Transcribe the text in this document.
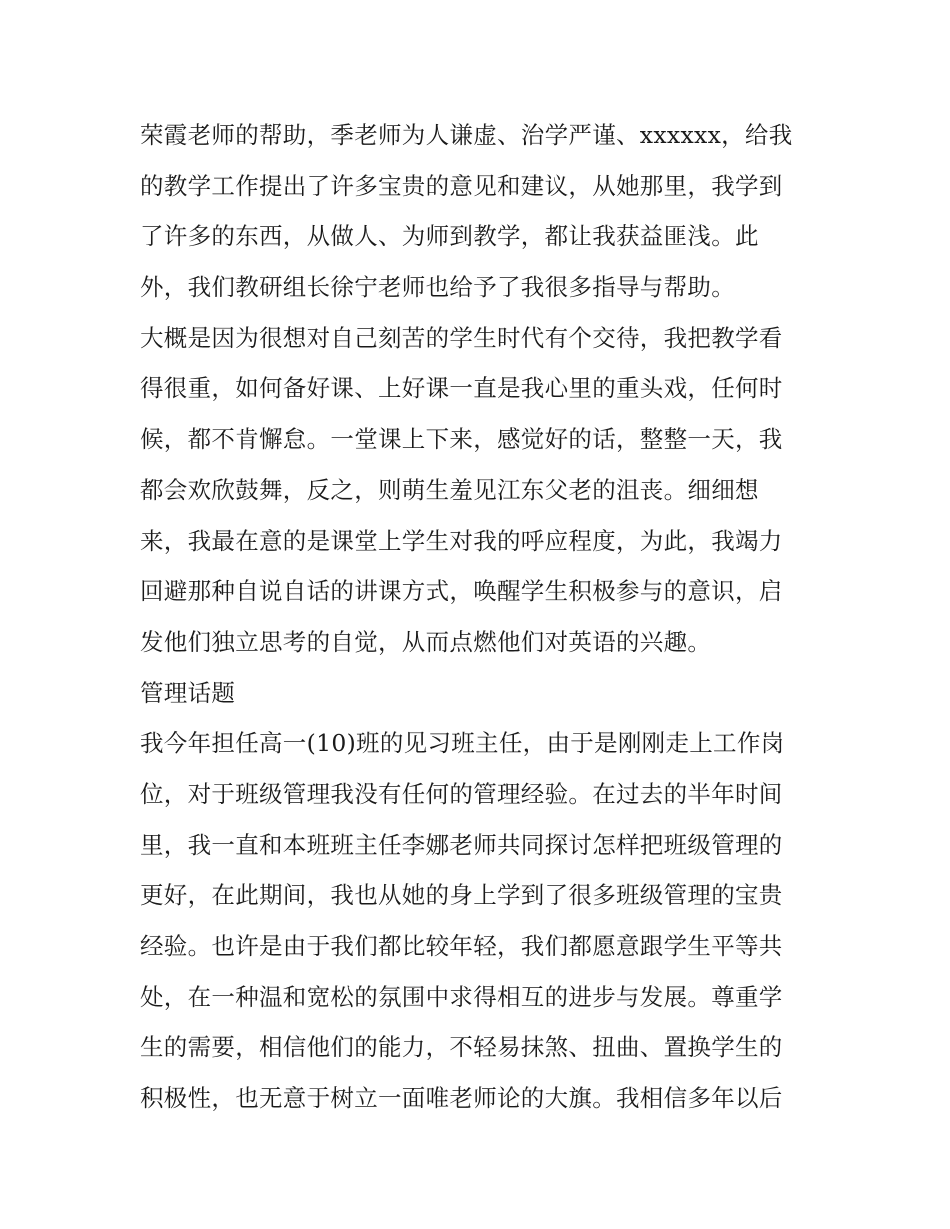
荣霞老师的帮助，季老师为人谦虚、治学严谨、xxxxxx，给我
的教学工作提出了许多宝贵的意见和建议，从她那里，我学到
了许多的东西，从做人、为师到教学，都让我获益匪浅。此
外，我们教研组长徐宁老师也给予了我很多指导与帮助。
大概是因为很想对自己刻苦的学生时代有个交待，我把教学看
得很重，如何备好课、上好课一直是我心里的重头戏，任何时
候，都不肯懈怠。一堂课上下来，感觉好的话，整整一天，我
都会欢欣鼓舞，反之，则萌生羞见江东父老的沮丧。细细想
来，我最在意的是课堂上学生对我的呼应程度，为此，我竭力
回避那种自说自话的讲课方式，唤醒学生积极参与的意识，启
发他们独立思考的自觉，从而点燃他们对英语的兴趣。
管理话题
我今年担任高一(10)班的见习班主任，由于是刚刚走上工作岗
位，对于班级管理我没有任何的管理经验。在过去的半年时间
里，我一直和本班班主任李娜老师共同探讨怎样把班级管理的
更好，在此期间，我也从她的身上学到了很多班级管理的宝贵
经验。也许是由于我们都比较年轻，我们都愿意跟学生平等共
处，在一种温和宽松的氛围中求得相互的进步与发展。尊重学
生的需要，相信他们的能力，不轻易抹煞、扭曲、置换学生的
积极性，也无意于树立一面唯老师论的大旗。我相信多年以后
